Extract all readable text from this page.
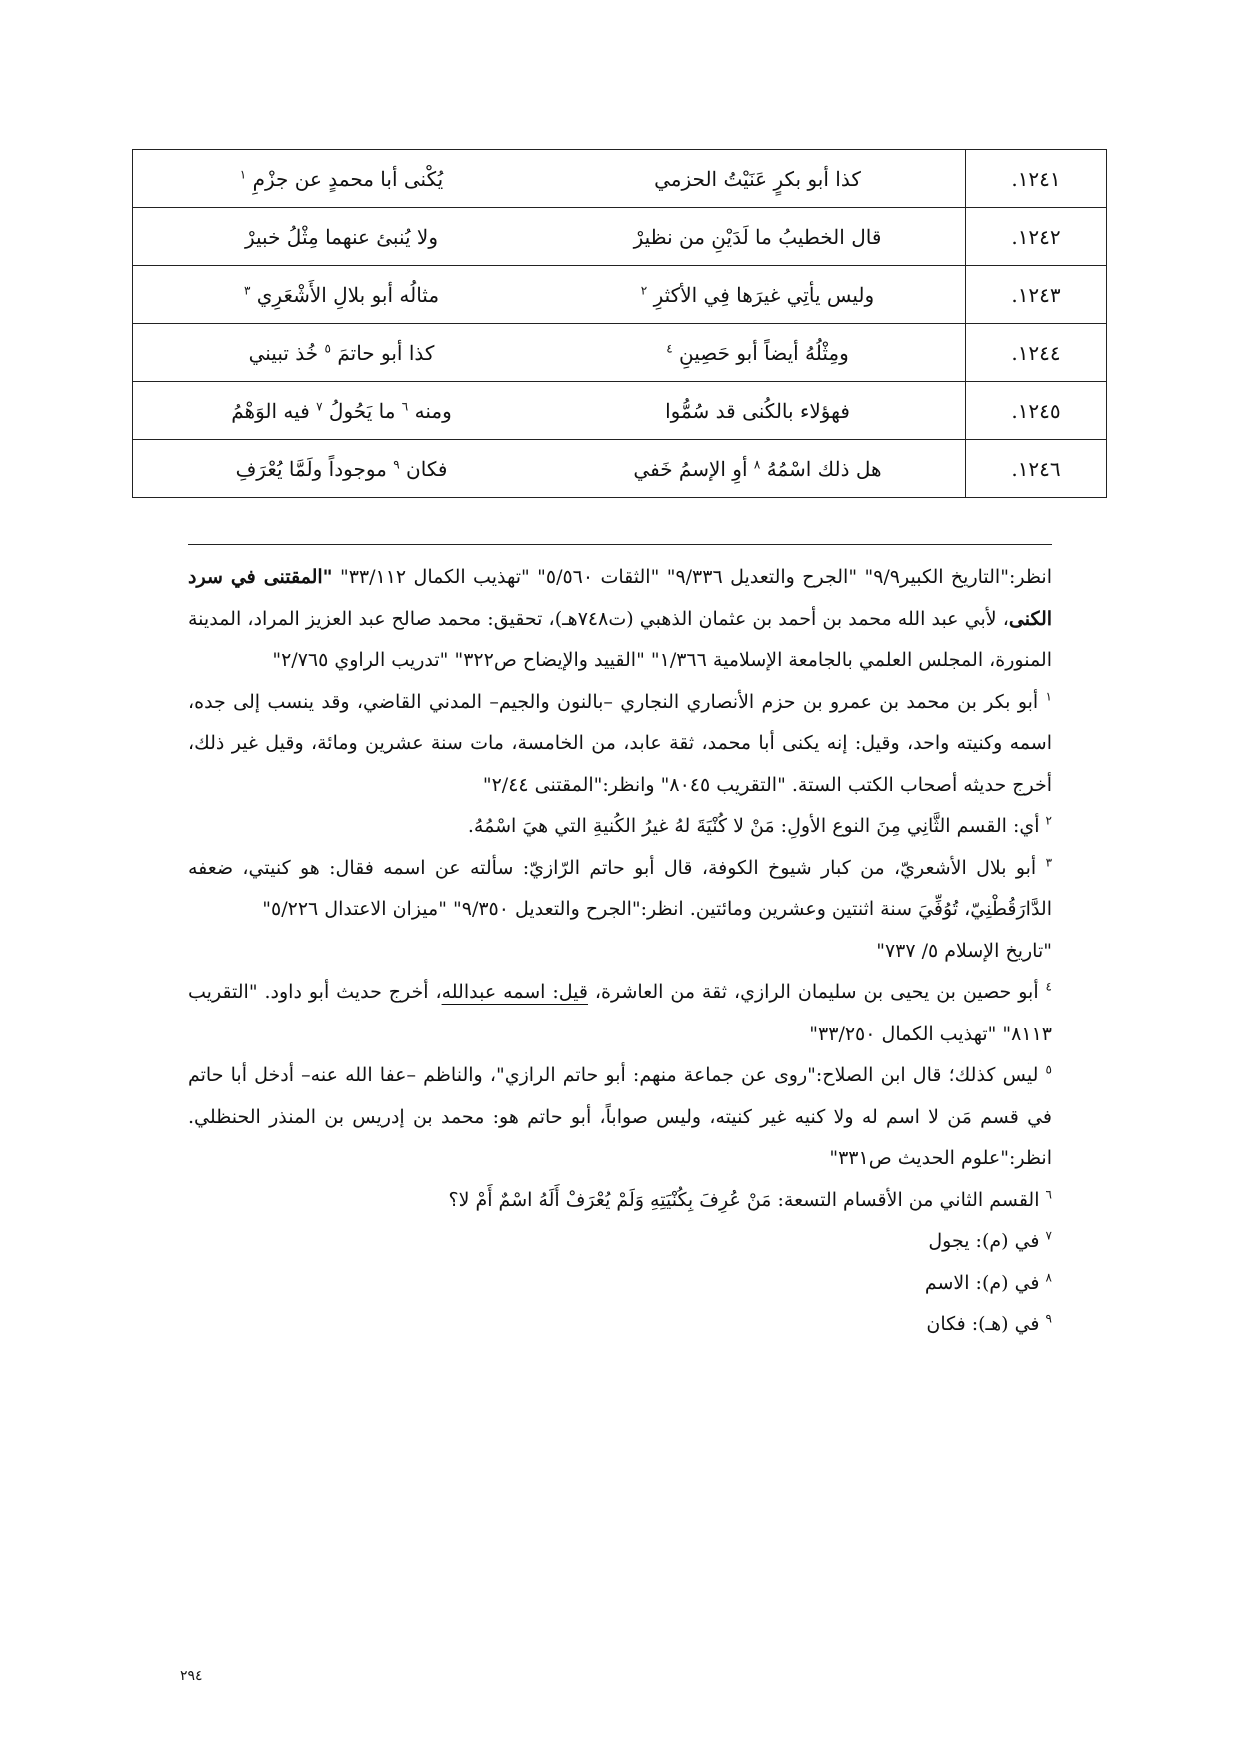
١٢٤١.	كذا أبو بكرٍ عَنَيْتُ الحزمي	يُكْنى أبا محمدٍ عن جزْمِ $^١$
١٢٤٢.	قال الخطيبُ ما لَدَيْنِ من نظيرْ	ولا يُنبئ عنهما مِثْلُ خبيرْ
١٢٤٣.	وليس يأتِي غيرَها فِي الأكثرِ $^٢$	مثالُه أبو بلالِ الأَشْعَرِي $^٣$
١٢٤٤.	ومِثْلُهُ أيضاً أبو حَصِينِ $^٤$	كذا أبو حاتمَ $^٥$ خُذ تبيني
١٢٤٥.	فهؤلاء بالكُنى قد سُمُّوا	ومنه $^٦$ ما يَحُولُ $^٧$ فيه الوَهْمُ
١٢٤٦.	هل ذلك اسْمُهُ $^٨$ أوِ الإسمُ خَفي	فكان $^٩$ موجوداً ولَمَّا يُعْرَفِ

انظر:"التاريخ الكبير٩/٩" "الجرح والتعديل ٩/٣٣٦" "الثقات ٥/٥٦٠" "تهذيب الكمال ٣٣/١١٢" "المقتنى في سرد الكنى، لأبي عبد الله محمد بن أحمد بن عثمان الذهبي (ت٧٤٨هـ)، تحقيق: محمد صالح عبد العزيز المراد، المدينة المنورة، المجلس العلمي بالجامعة الإسلامية ١/٣٦٦" "القييد والإيضاح ص٣٢٢" "تدريب الراوي ٢/٧٦٥"

$^١$ أبو بكر بن محمد بن عمرو بن حزم الأنصاري النجاري –بالنون والجيم– المدني القاضي، وقد ينسب إلى جده، اسمه وكنيته واحد، وقيل: إنه يكنى أبا محمد، ثقة عابد، من الخامسة، مات سنة عشرين ومائة، وقيل غير ذلك، أخرج حديثه أصحاب الكتب الستة. "التقريب ٨٠٤٥" وانظر:"المقتنى ٢/٤٤"

$^٢$ أي: القسم الثَّانِي مِنَ النوع الأولِ: مَنْ لا كُنْيَةَ لهُ غيرُ الكُنيةِ التي هيَ اسْمُهُ.

$^٣$ أبو بلال الأشعريّ، من كبار شيوخ الكوفة، قال أبو حاتم الرّازيّ: سألته عن اسمه فقال: هو كنيتي، ضعفه الدَّارَقُطْنِيّ، تُوُفِّيَ سنة اثنتين وعشرين ومائتين. انظر:"الجرح والتعديل ٩/٣٥٠" "ميزان الاعتدال ٥/٢٢٦"

"تاريخ الإسلام ٥/ ٧٣٧"

$^٤$ أبو حصين بن يحيى بن سليمان الرازي، ثقة من العاشرة، قيل: اسمه عبدالله، أخرج حديث أبو داود. "التقريب ٨١١٣" "تهذيب الكمال ٣٣/٢٥٠"

$^٥$ ليس كذلك؛ قال ابن الصلاح:"روى عن جماعة منهم: أبو حاتم الرازي"، والناظم –عفا الله عنه– أدخل أبا حاتم في قسم مَن لا اسم له ولا كنيه غير كنيته، وليس صواباً، أبو حاتم هو: محمد بن إدريس بن المنذر الحنظلي. انظر:"علوم الحديث ص٣٣١"

$^٦$ القسم الثاني من الأقسام التسعة: مَنْ عُرِفَ بِكُنْيَتِهِ وَلَمْ يُعْرَفْ أَلَهُ اسْمٌ أَمْ لا؟

$^٧$ في (م): يجول

$^٨$ في (م): الاسم

$^٩$ في (هـ): فكان

٢٩٤
